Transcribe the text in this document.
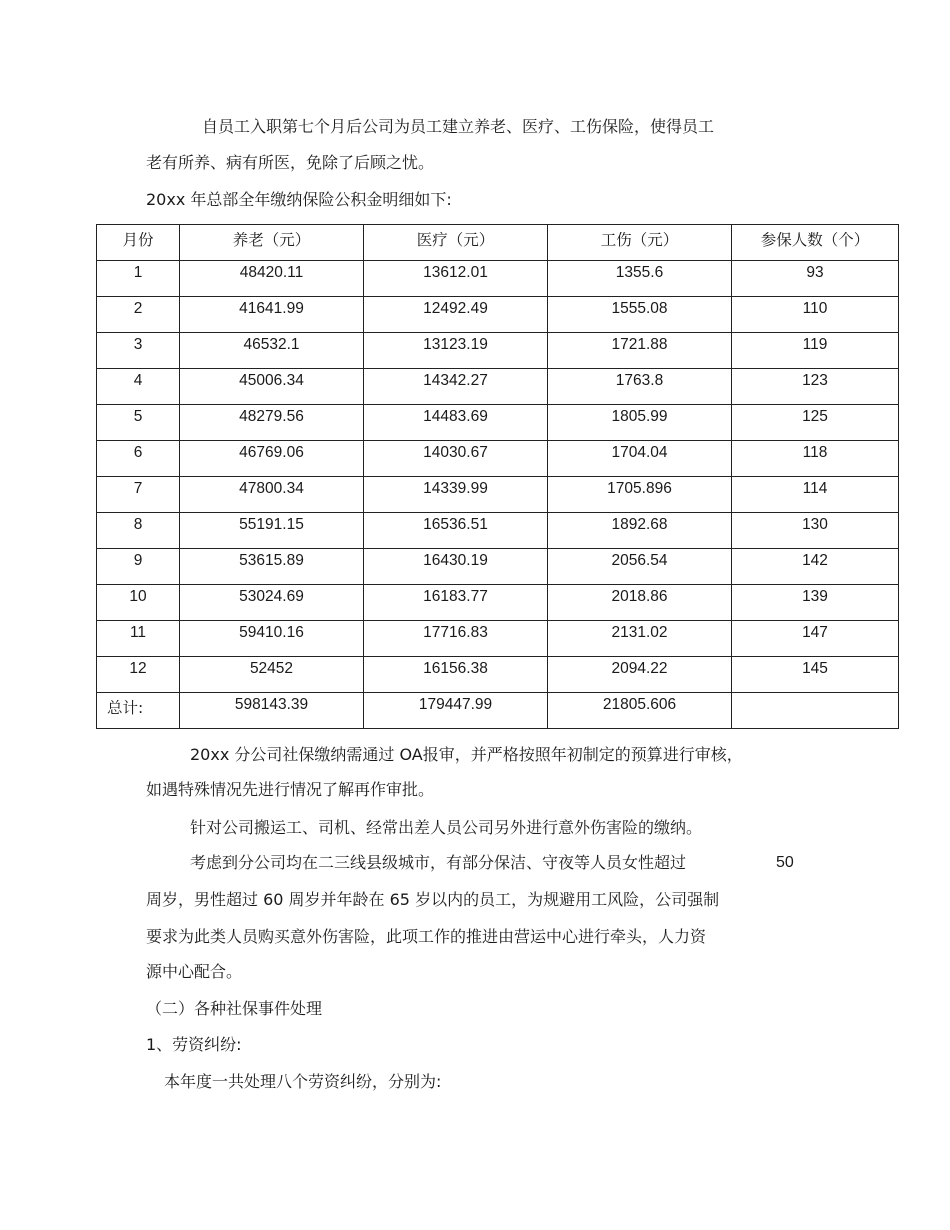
自员工入职第七个月后公司为员工建立养老、医疗、工伤保险，使得员工
老有所养、病有所医，免除了后顾之忧。
20xx 年总部全年缴纳保险公积金明细如下:
月份	养老（元）	医疗（元）	工伤（元）	参保人数（个）
1	48420.11	13612.01	1355.6	93
2	41641.99	12492.49	1555.08	110
3	46532.1	13123.19	1721.88	119
4	45006.34	14342.27	1763.8	123
5	48279.56	14483.69	1805.99	125
6	46769.06	14030.67	1704.04	118
7	47800.34	14339.99	1705.896	114
8	55191.15	16536.51	1892.68	130
9	53615.89	16430.19	2056.54	142
10	53024.69	16183.77	2018.86	139
11	59410.16	17716.83	2131.02	147
12	52452	16156.38	2094.22	145
总计:	598143.39	179447.99	21805.606	
20xx 分公司社保缴纳需通过 OA报审，并严格按照年初制定的预算进行审核，
如遇特殊情况先进行情况了解再作审批。
针对公司搬运工、司机、经常出差人员公司另外进行意外伤害险的缴纳。
考虑到分公司均在二三线县级城市，有部分保洁、守夜等人员女性超过	50
周岁，男性超过 60 周岁并年龄在 65 岁以内的员工，为规避用工风险，公司强制
要求为此类人员购买意外伤害险，此项工作的推进由营运中心进行牵头，人力资
源中心配合。
（二）各种社保事件处理
1、劳资纠纷:
本年度一共处理八个劳资纠纷，分别为:
